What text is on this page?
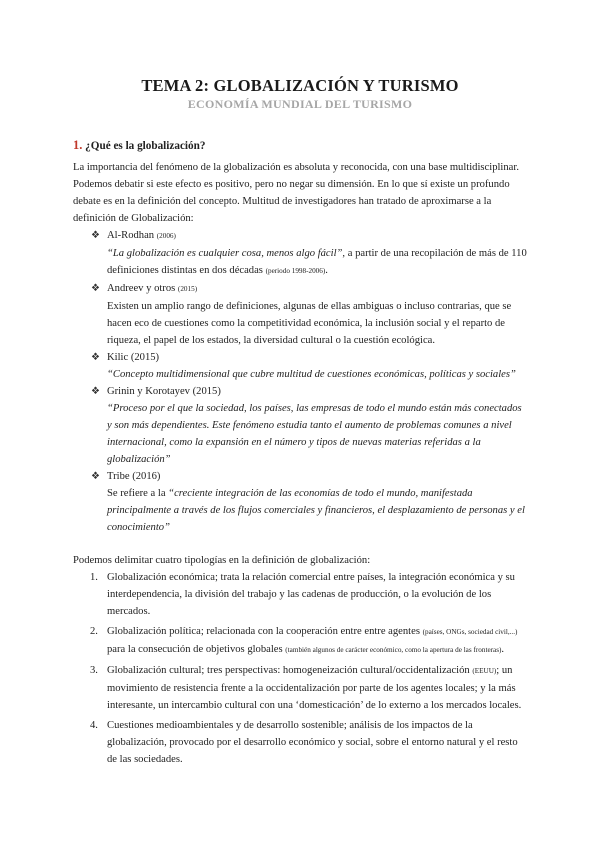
TEMA 2: GLOBALIZACIÓN Y TURISMO
ECONOMÍA MUNDIAL DEL TURISMO
1. ¿Qué es la globalización?

La importancia del fenómeno de la globalización es absoluta y reconocida, con una base multidisciplinar. Podemos debatir si este efecto es positivo, pero no negar su dimensión. En lo que sí existe un profundo debate es en la definición del concepto. Multitud de investigadores han tratado de aproximarse a la definición de Globalización:

❖ Al-Rodhan (2006)
“La globalización es cualquier cosa, menos algo fácil”, a partir de una recopilación de más de 110 definiciones distintas en dos décadas (periodo 1998-2006).
❖ Andreev y otros (2015)
Existen un amplio rango de definiciones, algunas de ellas ambiguas o incluso contrarias, que se hacen eco de cuestiones como la competitividad económica, la inclusión social y el reparto de riqueza, el papel de los estados, la diversidad cultural o la cuestión ecológica.
❖ Kilic (2015)
“Concepto multidimensional que cubre multitud de cuestiones económicas, políticas y sociales”
❖ Grinin y Korotayev (2015)
“Proceso por el que la sociedad, los países, las empresas de todo el mundo están más conectados y son más dependientes. Este fenómeno estudia tanto el aumento de problemas comunes a nivel internacional, como la expansión en el número y tipos de nuevas materias referidas a la globalización”
❖ Tribe (2016)
Se refiere a la “creciente integración de las economías de todo el mundo, manifestada principalmente a través de los flujos comerciales y financieros, el desplazamiento de personas y el conocimiento”

Podemos delimitar cuatro tipologías en la definición de globalización:

1. Globalización económica; trata la relación comercial entre países, la integración económica y su interdependencia, la división del trabajo y las cadenas de producción, o la evolución de los mercados.
2. Globalización política; relacionada con la cooperación entre entre agentes (países, ONGs, sociedad civil,...) para la consecución de objetivos globales (también algunos de carácter económico, como la apertura de las fronteras).
3. Globalización cultural; tres perspectivas: homogeneización cultural/occidentalización (EEUU); un movimiento de resistencia frente a la occidentalización por parte de los agentes locales; y la más interesante, un intercambio cultural con una ‘domesticación’ de lo externo a los mercados locales.
4. Cuestiones medioambientales y de desarrollo sostenible; análisis de los impactos de la globalización, provocado por el desarrollo económico y social, sobre el entorno natural y el resto de las sociedades.
